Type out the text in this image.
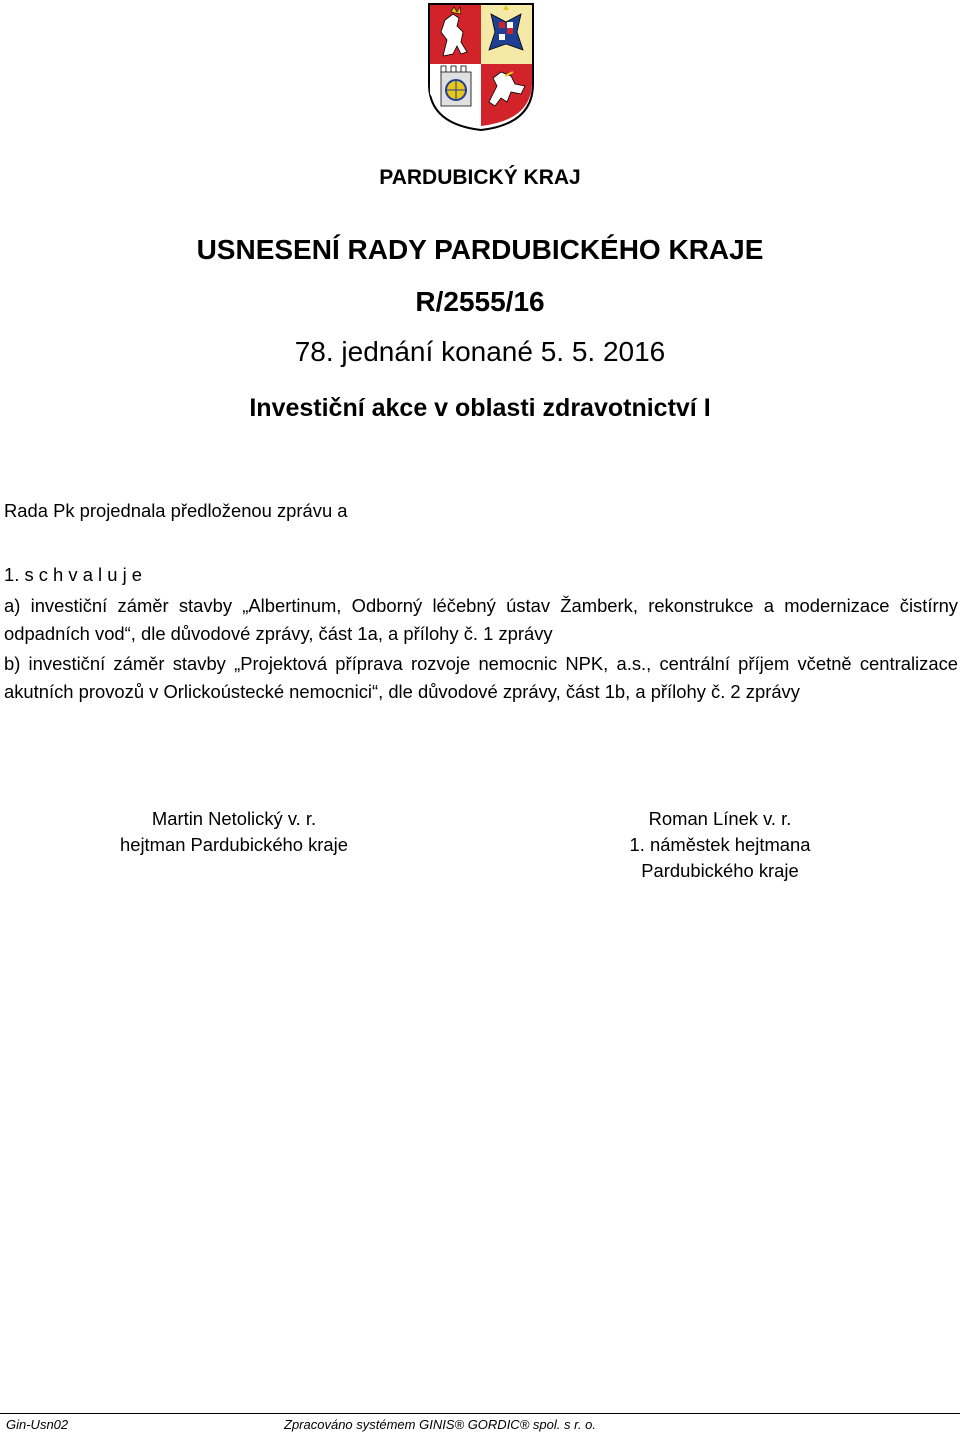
PARDUBICKÝ KRAJ
USNESENÍ RADY PARDUBICKÉHO KRAJE
R/2555/16
78. jednání konané 5. 5. 2016
Investiční akce v oblasti zdravotnictví I
Rada Pk projednala předloženou zprávu a
1. s c h v a l u j e
a) investiční záměr stavby „Albertinum, Odborný léčebný ústav Žamberk, rekonstrukce a modernizace čistírny odpadních vod“, dle důvodové zprávy, část 1a, a přílohy č. 1 zprávy
b) investiční záměr stavby „Projektová příprava rozvoje nemocnic NPK, a.s., centrální příjem včetně centralizace akutních provozů v Orlickoústecké nemocnici“, dle důvodové zprávy, část 1b, a přílohy č. 2 zprávy
Martin Netolický v. r.
hejtman Pardubického kraje
Roman Línek v. r.
1. náměstek hejtmana
Pardubického kraje
Gin-Usn02	Zpracováno systémem GINIS® GORDIC® spol. s r. o.
